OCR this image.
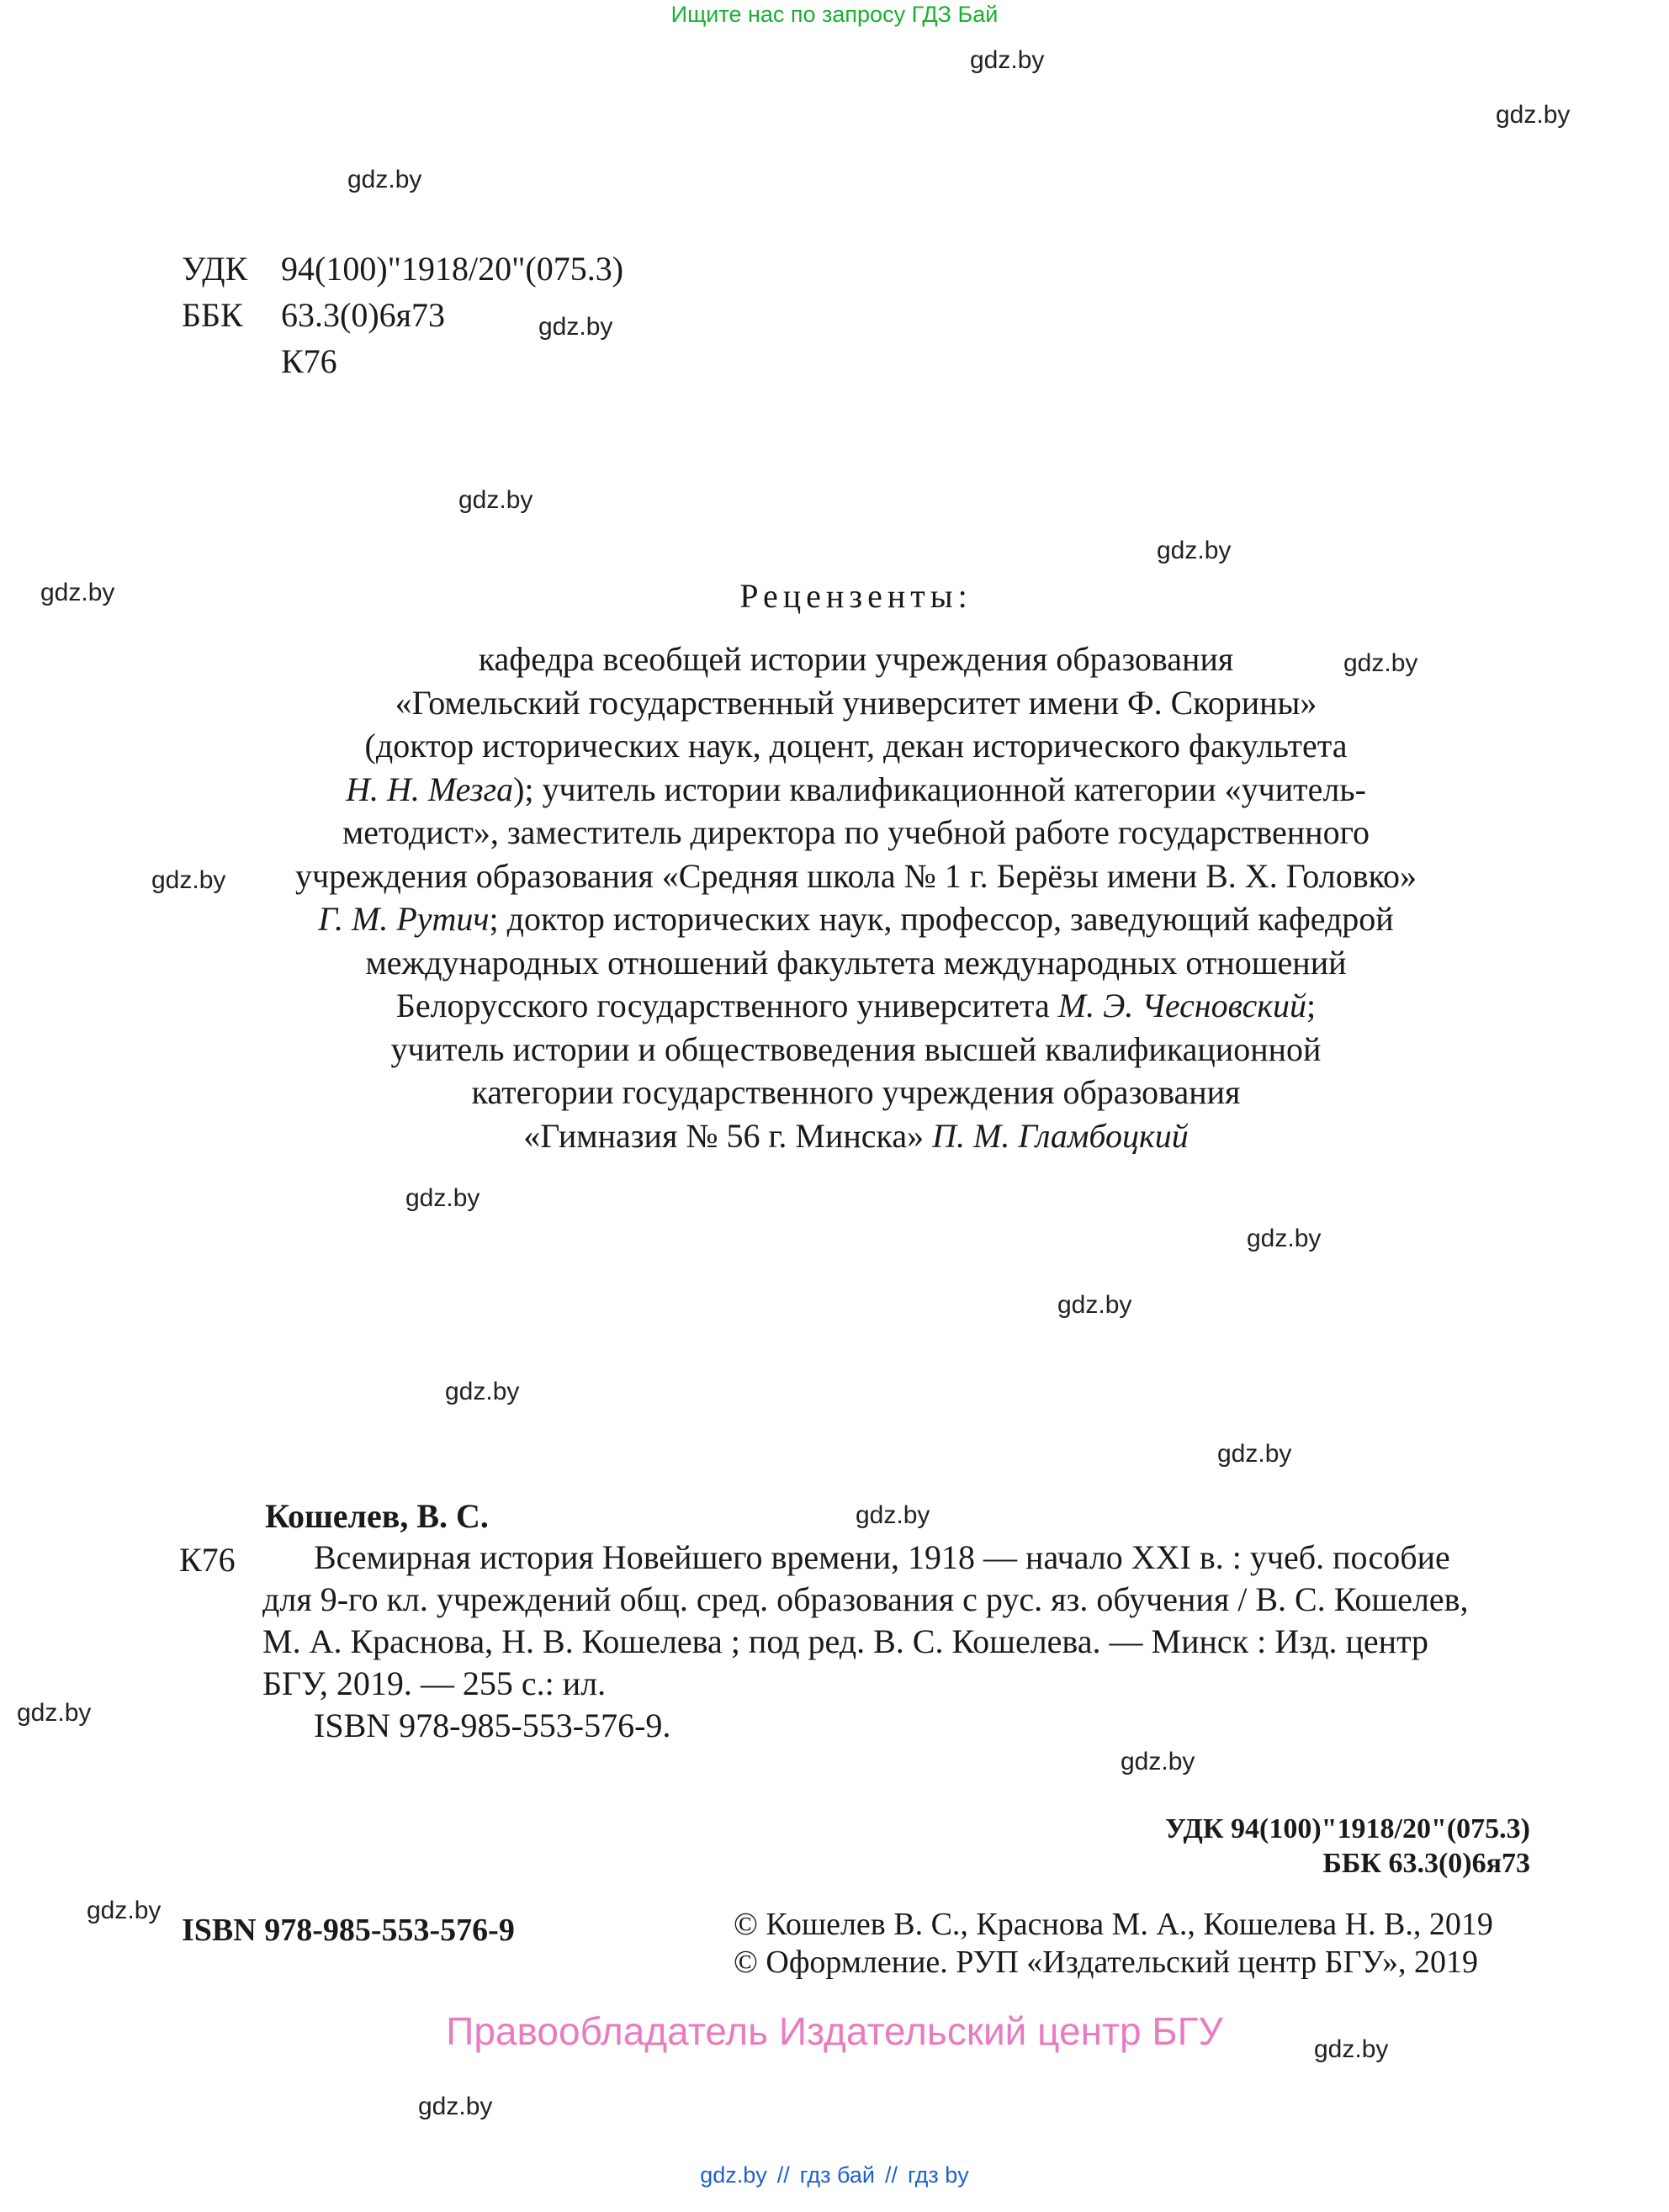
Ищите нас по запросу ГДЗ Бай
gdz.by
gdz.by
gdz.by
gdz.by
gdz.by
gdz.by
gdz.by
gdz.by
gdz.by
gdz.by
gdz.by
gdz.by
gdz.by
gdz.by
gdz.by
gdz.by
gdz.by
gdz.by
gdz.by
gdz.by
УДК 94(100)"1918/20"(075.3)
ББК 63.3(0)6я73
К76
Рецензенты:
кафедра всеобщей истории учреждения образования
«Гомельский государственный университет имени Ф. Скорины»
(доктор исторических наук, доцент, декан исторического факультета
Н. Н. Мезга); учитель истории квалификационной категории «учитель-
методист», заместитель директора по учебной работе государственного
учреждения образования «Средняя школа № 1 г. Берёзы имени В. Х. Головко»
Г. М. Рутич; доктор исторических наук, профессор, заведующий кафедрой
международных отношений факультета международных отношений
Белорусского государственного университета М. Э. Чесновский;
учитель истории и обществоведения высшей квалификационной
категории государственного учреждения образования
«Гимназия № 56 г. Минска» П. М. Гламбоцкий
Кошелев, В. С.
К76 Всемирная история Новейшего времени, 1918 — начало XXI в. : учеб. пособие
для 9-го кл. учреждений общ. сред. образования с рус. яз. обучения / В. С. Кошелев,
М. А. Краснова, Н. В. Кошелева ; под ред. В. С. Кошелева. — Минск : Изд. центр
БГУ, 2019. — 255 с.: ил.
ISBN 978-985-553-576-9.
УДК 94(100)"1918/20"(075.3)
ББК 63.3(0)6я73
ISBN 978-985-553-576-9	© Кошелев В. С., Краснова М. А., Кошелева Н. В., 2019
© Оформление. РУП «Издательский центр БГУ», 2019
Правообладатель Издательский центр БГУ
gdz.by // гдз бай // гдз by
